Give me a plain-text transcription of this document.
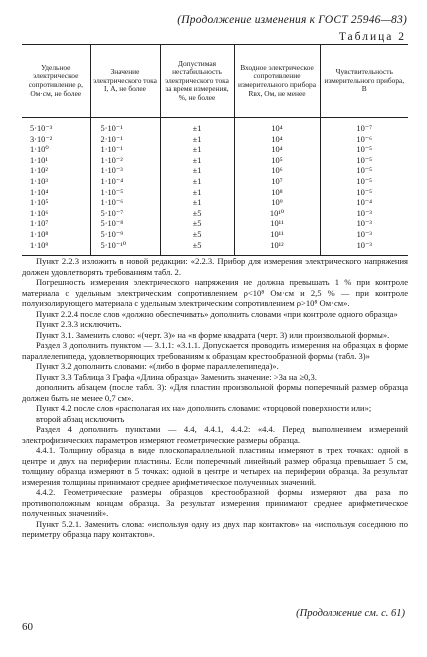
(Продолжение изменения к ГОСТ 25946—83)
Таблица 2
Удельное электрическое сопротивление ρ, Ом·см, не более	Значение электрического тока I, А, не более	Допустимая нестабильность электрического тока за время измерения, %, не более	Входное электрическое сопротивление измерительного прибора Rвх, Ом, не менее	Чувствительность измерительного прибора, В
5·10⁻³	5·10⁻¹	±1	10⁴	10⁻⁷
3·10⁻²	2·10⁻¹	±1	10⁴	10⁻⁶
1·10⁰	1·10⁻¹	±1	10⁴	10⁻⁵
1·10¹	1·10⁻²	±1	10⁵	10⁻⁵
1·10²	1·10⁻³	±1	10⁶	10⁻⁵
1·10³	1·10⁻⁴	±1	10⁷	10⁻⁵
1·10⁴	1·10⁻⁵	±1	10⁸	10⁻⁵
1·10⁵	1·10⁻⁶	±1	10⁹	10⁻⁴
1·10⁶	5·10⁻⁷	±5	10¹⁰	10⁻³
1·10⁷	5·10⁻⁸	±5	10¹¹	10⁻³
1·10⁸	5·10⁻⁹	±5	10¹¹	10⁻³
1·10⁹	5·10⁻¹⁰	±5	10¹²	10⁻³

Пункт 2.2.3 изложить в новой редакции: «2.2.3. Прибор для измерения электрического напряжения должен удовлетворять требованиям табл. 2.

Погрешность измерения электрического напряжения не должна превышать 1 % при контроле материала с удельным электрическим сопротивлением ρ<10⁸ Ом·см и 2,5 % — при контроле полуизолирующего материала с удельным электрическим сопротивлением ρ>10⁸ Ом·см».

Пункт 2.2.4 после слов «должно обеспечивать» дополнить словами «при контроле одного образца»

Пункт 2.3.3 исключить.

Пункт 3.1. Заменить слово: «(черт. 3)» на «в форме квадрата (черт. 3) или произвольной формы».

Раздел 3 дополнить пунктом — 3.1.1: «3.1.1. Допускается проводить измерения на образцах в форме параллелепипеда, удовлетворяющих требованиям к образцам крестообразной формы (табл. 3)»

Пункт 3.2 дополнить словами: «(либо в форме параллелепипеда)».

Пункт 3.3 Таблица 3 Графа «Длина образца» Заменить значение: >3a на ≥0,3.

дополнить абзацем (после табл. 3): «Для пластин произвольной формы поперечный размер образца должен быть не менее 0,7 см».

Пункт 4.2 после слов «располагая их на» дополнить словами: «торцовой поверхности или»;

второй абзац исключить

Раздел 4 дополнить пунктами — 4.4, 4.4.1, 4.4.2: «4.4. Перед выполнением измерений электрофизических параметров измеряют геометрические размеры образца.

4.4.1. Толщину образца в виде плоскопараллельной пластины измеряют в трех точках: одной в центре и двух на периферии пластины. Если поперечный линейный размер образца превышает 5 см, толщину образца измеряют в 5 точках: одной в центре и четырех на периферии образца. За результат измерения толщины принимают среднее арифметическое полученных значений.

4.4.2. Геометрические размеры образцов крестообразной формы измеряют два раза по противоположным концам образца. За результат измерения принимают среднее арифметическое полученных значений».

Пункт 5.2.1. Заменить слова: «используя одну из двух пар контактов» на «используя соседнюю по периметру образца пару контактов».

(Продолжение см. с. 61)
60
